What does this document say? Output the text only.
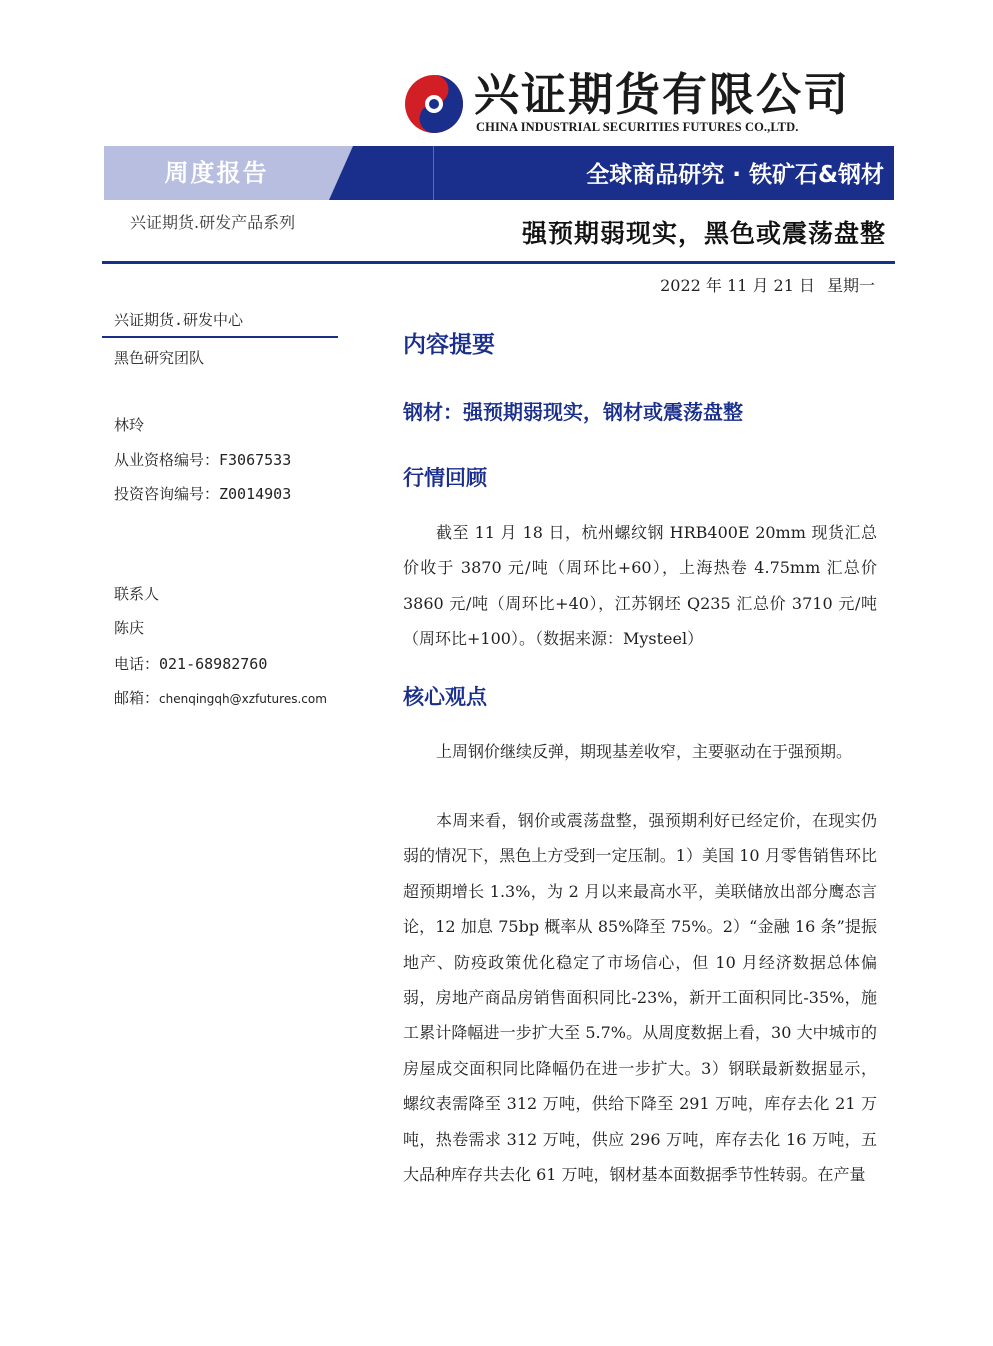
兴证期货有限公司
CHINA INDUSTRIAL SECURITIES FUTURES CO.,LTD.
周度报告	全球商品研究 · 铁矿石&钢材
兴证期货.研发产品系列	强预期弱现实，黑色或震荡盘整
2022 年 11 月 21 日 星期一
兴证期货.研发中心
黑色研究团队
林玲
从业资格编号：F3067533
投资咨询编号：Z0014903
联系人
陈庆
电话：021-68982760
邮箱：chenqingqh@xzfutures.com
内容提要
钢材：强预期弱现实，钢材或震荡盘整
行情回顾

截至 11 月 18 日，杭州螺纹钢 HRB400E 20mm 现货汇总价收于 3870 元/吨（周环比+60），上海热卷 4.75mm 汇总价 3860 元/吨（周环比+40），江苏钢坯 Q235 汇总价 3710 元/吨（周环比+100）。（数据来源：Mysteel）

核心观点

上周钢价继续反弹，期现基差收窄，主要驱动在于强预期。

本周来看，钢价或震荡盘整，强预期利好已经定价，在现实仍弱的情况下，黑色上方受到一定压制。1）美国 10 月零售销售环比超预期增长 1.3%，为 2 月以来最高水平，美联储放出部分鹰态言论，12 加息 75bp 概率从 85%降至 75%。2）“金融 16 条”提振地产、防疫政策优化稳定了市场信心，但 10 月经济数据总体偏弱，房地产商品房销售面积同比-23%，新开工面积同比-35%，施工累计降幅进一步扩大至 5.7%。从周度数据上看，30 大中城市的房屋成交面积同比降幅仍在进一步扩大。3）钢联最新数据显示，螺纹表需降至 312 万吨，供给下降至 291 万吨，库存去化 21 万吨，热卷需求 312 万吨，供应 296 万吨，库存去化 16 万吨，五大品种库存共去化 61 万吨，钢材基本面数据季节性转弱。在产量
